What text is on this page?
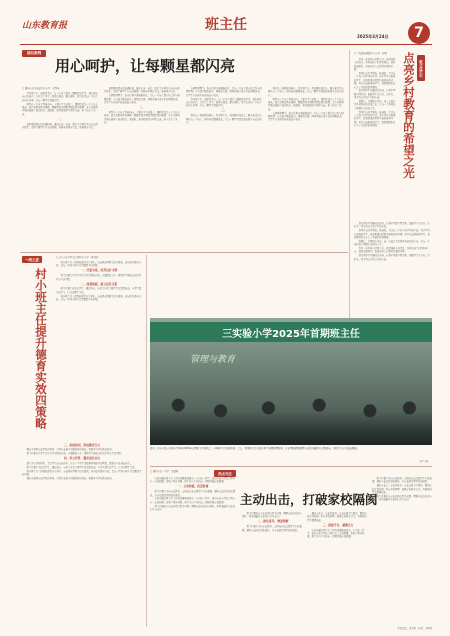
山东教育报	班主任
2025年3月24日	7
前沿案例
用心呵护，让每颗星都闪亮
□ 滕州市北辛街道中心小学　薛秀坤

作为班主任，我始终坚信，每一个孩子都是一颗独特的星星，都有属于自己的光芒。在日常工作中，我用心观察、耐心倾听，努力走进每一个孩子的内心世界，让每一颗星星都能闪亮。

班里有一个孩子性格内向，上课从不主动发言，课间也总是一个人待在角落。我注意到他喜欢画画，便邀请他为班级黑板报设计插图，并在全班同学面前表扬了他的作品。渐渐地，他开始愿意与同学交流，脸上也有了笑容。

一、

我积极搭建家校沟通桥梁，通过家访、电话、微信等多种方式与家长保持联系，及时了解学生在家的表现，共同商讨教育方法，形成教育合力。

我积极搭建家校沟通桥梁，通过家访、电话、微信等多种方式与家长保持联系，及时了解学生在家的表现，共同商讨教育方法，形成教育合力。

在班级管理中，我实行班干部轮换制度，让每一个孩子都有机会参与班级管理，在实践中锻炼能力、增强责任感。同时开展丰富多彩的班级活动，让学生在活动中收获成长与快乐。

二、

班里有一个孩子性格内向，上课从不主动发言，课间也总是一个人待在角落。我注意到他喜欢画画，便邀请他为班级黑板报设计插图，并在全班同学面前表扬了他的作品。渐渐地，他开始愿意与同学交流，脸上也有了笑容。

在班级管理中，我实行班干部轮换制度，让每一个孩子都有机会参与班级管理，在实践中锻炼能力、增强责任感。同时开展丰富多彩的班级活动，让学生在活动中收获成长与快乐。

作为班主任，我始终坚信，每一个孩子都是一颗独特的星星，都有属于自己的光芒。在日常工作中，我用心观察、耐心倾听，努力走进每一个孩子的内心世界，让每一颗星星都能闪亮。

三、

教育是一场温暖的修行。作为班主任，我将继续用爱心、耐心和责任心呵护每一个孩子，陪伴他们健康成长，让每一颗星星都绽放出属于自己的光芒。

教育是一场温暖的修行。作为班主任，我将继续用爱心、耐心和责任心呵护每一个孩子，陪伴他们健康成长，让每一颗星星都绽放出属于自己的光芒。

班里有一个孩子性格内向，上课从不主动发言，课间也总是一个人待在角落。我注意到他喜欢画画，便邀请他为班级黑板报设计插图，并在全班同学面前表扬了他的作品。渐渐地，他开始愿意与同学交流，脸上也有了笑容。

在班级管理中，我实行班干部轮换制度，让每一个孩子都有机会参与班级管理，在实践中锻炼能力、增强责任感。同时开展丰富多彩的班级活动，让学生在活动中收获成长与快乐。

班主任手记
点亮乡村教育的希望之光
□ 兰陵县向城镇中心小学　崔晓

作为一名乡村小学班主任，我深知肩上的责任。乡村的孩子们淳朴善良，他们渴望知识，渴望走出大山看看外面的世界。

我坚持每天早到校、晚离校，关注每一个孩子的学习和生活。对于学习有困难的学生，我利用课余时间为他们辅导功课；对于家庭困难的学生，我积极联系爱心人士为他们提供帮助。

我带领学生开展阅读活动，在教室里建立图书角，鼓励学生多读书、读好书，用书香点亮孩子们的心灵。

我相信，只要用心付出，就一定能点亮乡村教育的希望之光，让每一个乡村孩子都拥有出彩的人生。

我坚持每天早到校、晚离校，关注每一个孩子的学习和生活。对于学习有困难的学生，我利用课余时间为他们辅导功课；对于家庭困难的学生，我积极联系爱心人士为他们提供帮助。

我带领学生开展阅读活动，在教室里建立图书角，鼓励学生多读书、读好书，用书香点亮孩子们的心灵。

我坚持每天早到校、晚离校，关注每一个孩子的学习和生活。对于学习有困难的学生，我利用课余时间为他们辅导功课；对于家庭困难的学生，我积极联系爱心人士为他们提供帮助。

我相信，只要用心付出，就一定能点亮乡村教育的希望之光，让每一个乡村孩子都拥有出彩的人生。

作为一名乡村小学班主任，我深知肩上的责任。乡村的孩子们淳朴善良，他们渴望知识，渴望走出大山看看外面的世界。

我带领学生开展阅读活动，在教室里建立图书角，鼓励学生多读书、读好书，用书香点亮孩子们的心灵。

一线之道
村小班主任提升德育实效四策略
□ 枣庄市山亭区北庄镇中心小学　褚洪敏

村小班主任工作面临着留守儿童多、家庭教育薄弱等诸多挑战。如何提升德育实效，是每一位村小班主任需要思考的问题。

一、以爱为基，培养良好习惯

班主任要关注学生日常行为习惯的养成，从细微处入手，帮助学生形成良好的学习与生活习惯。

二、加强沟通，建立信任关系

班主任要主动走近学生，通过谈心、家访等方式了解学生的思想动态，与学生建立起平等、信任的师生关系。

村小班主任工作面临着留守儿童多、家庭教育薄弱等诸多挑战。如何提升德育实效，是每一位村小班主任需要思考的问题。

三、家校协同，形成教育合力

要充分发挥家长学校的作用，引导家长树立正确的教育观念，积极参与学校教育活动。

班主任要关注学生日常行为习惯的养成，从细微处入手，帮助学生形成良好的学习与生活习惯。

四、多元评价，激发成长动力

建立多元评价体系，关注学生的点滴进步，让每一个学生都能体验到成功的喜悦，激发其内在成长动力。

班主任要主动走近学生，通过谈心、家访等方式了解学生的思想动态，与学生建立起平等、信任的师生关系。

村小班主任工作面临着留守儿童多、家庭教育薄弱等诸多挑战。如何提升德育实效，是每一位村小班主任需要思考的问题。

要充分发挥家长学校的作用，引导家长树立正确的教育观念，积极参与学校教育活动。

三实验小学2025年首期班主任
管理与教育
近日，枣庄市第三实验小学举办2025年首期班主任培训会，全体班主任参加培训。会上，优秀班主任代表分享了班级管理经验，专家围绕班级管理与家校沟通进行专题讲座，为班主任专业成长赋能。
（刘兰 摄）
□ 潍坊市第一中学　高建国
热点关注
主动出击，打破家校隔阂

家校沟通是班主任工作的重要组成部分。在实际工作中，部分家长与学校之间存在一定的隔阂，影响了教育效果。班主任应主动出击，积极打破家校隔阂。

一、主动沟通，拉近距离

班主任要主动与家长联系，定期向家长反馈学生在校表现，倾听家长的意见和建议，让家长感受到学校的诚意。

家校沟通是班主任工作的重要组成部分。在实际工作中，部分家长与学校之间存在一定的隔阂，影响了教育效果。班主任应主动出击，积极打破家校隔阂。

班主任要站在家长的角度思考问题，理解家长的焦虑与期待，用真诚赢得家长的信任与支持。

班主任要站在家长的角度思考问题，理解家长的焦虑与期待，用真诚赢得家长的信任与支持。

二、换位思考，增进理解

班主任要主动与家长联系，定期向家长反馈学生在校表现，倾听家长的意见和建议，让家长感受到学校的诚意。

通过家长会、家长开放日、家长志愿者等形式，邀请家长走进校园，参与学校管理，凝聚家校教育合力，共同促进学生健康成长。

三、搭建平台，凝聚合力

家校沟通是班主任工作的重要组成部分。在实际工作中，部分家长与学校之间存在一定的隔阂，影响了教育效果。班主任应主动出击，积极打破家校隔阂。

班主任要主动与家长联系，定期向家长反馈学生在校表现，倾听家长的意见和建议，让家长感受到学校的诚意。

通过家长会、家长开放日、家长志愿者等形式，邀请家长走进校园，参与学校管理，凝聚家校教育合力，共同促进学生健康成长。

班主任要站在家长的角度思考问题，理解家长的焦虑与期待，用真诚赢得家长的信任与支持。

本版责编：崔青青　校对：李珂琪
